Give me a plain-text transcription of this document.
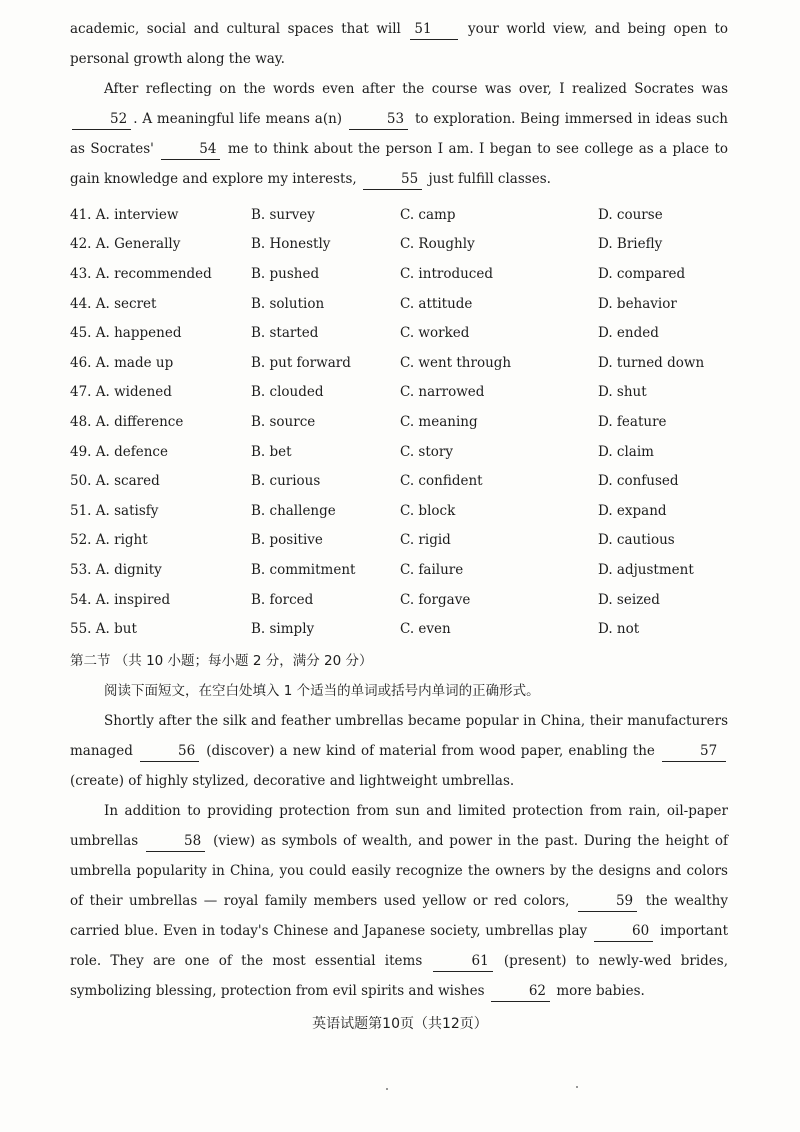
academic, social and cultural spaces that will 51	your world view, and being open to personal growth along the way.

After reflecting on the words even after the course was over, I realized Socrates was 52 . A meaningful life means a(n)	53 to exploration. Being immersed in ideas such as Socrates'	54 me to think about the person I am. I began to see college as a place to gain knowledge and explore my interests,	55 just fulfill classes.

41. A. interview	B. survey	C. camp	D. course
42. A. Generally	B. Honestly	C. Roughly	D. Briefly
43. A. recommended	B. pushed	C. introduced	D. compared
44. A. secret	B. solution	C. attitude	D. behavior
45. A. happened	B. started	C. worked	D. ended
46. A. made up	B. put forward	C. went through	D. turned down
47. A. widened	B. clouded	C. narrowed	D. shut
48. A. difference	B. source	C. meaning	D. feature
49. A. defence	B. bet	C. story	D. claim
50. A. scared	B. curious	C. confident	D. confused
51. A. satisfy	B. challenge	C. block	D. expand
52. A. right	B. positive	C. rigid	D. cautious
53. A. dignity	B. commitment	C. failure	D. adjustment
54. A. inspired	B. forced	C. forgave	D. seized
55. A. but	B. simply	C. even	D. not
第二节 （共 10 小题；每小题 2 分，满分 20 分）
阅读下面短文，在空白处填入 1 个适当的单词或括号内单词的正确形式。

Shortly after the silk and feather umbrellas became popular in China, their manufacturers managed	56 (discover) a new kind of material from wood paper, enabling the	57 (create) of highly stylized, decorative and lightweight umbrellas.

In addition to providing protection from sun and limited protection from rain, oil-paper umbrellas	58 (view) as symbols of wealth, and power in the past. During the height of umbrella popularity in China, you could easily recognize the owners by the designs and colors of their umbrellas — royal family members used yellow or red colors,	59 the wealthy carried blue. Even in today's Chinese and Japanese society, umbrellas play	60 important role. They are one of the most essential items	61 (present) to newly-wed brides, symbolizing blessing, protection from evil spirits and wishes	62 more babies.

英语试题第10页（共12页）
